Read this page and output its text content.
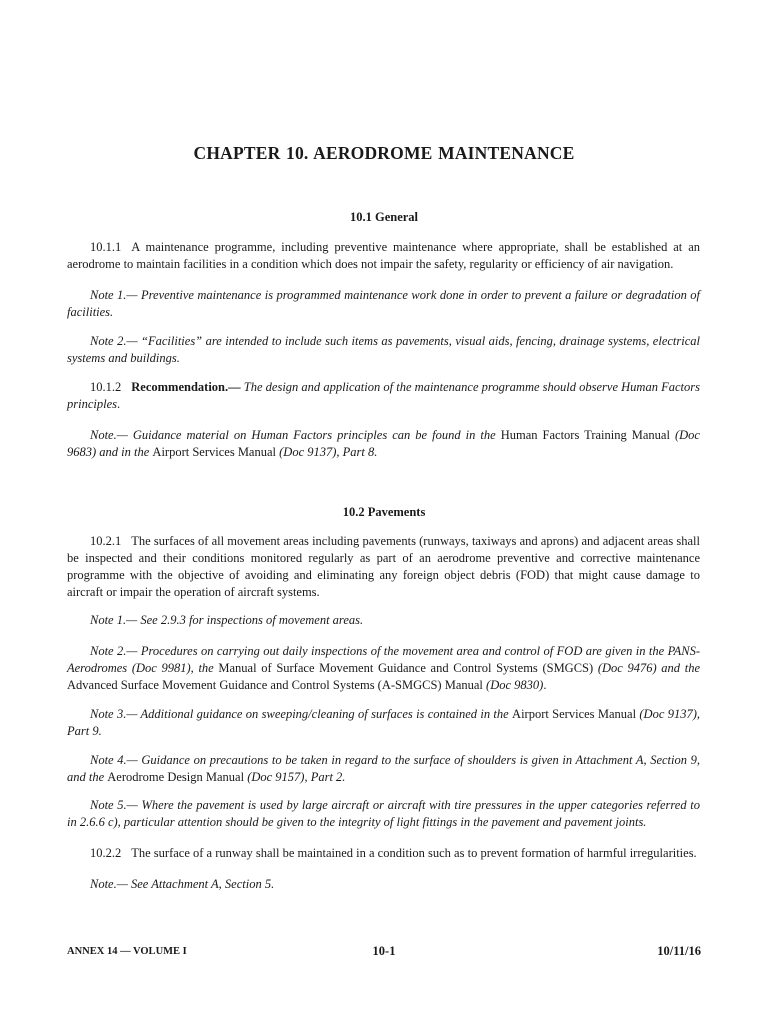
CHAPTER 10. AERODROME MAINTENANCE
10.1 General

10.1.1 A maintenance programme, including preventive maintenance where appropriate, shall be established at an aerodrome to maintain facilities in a condition which does not impair the safety, regularity or efficiency of air navigation.

Note 1.— Preventive maintenance is programmed maintenance work done in order to prevent a failure or degradation of facilities.

Note 2.— “Facilities” are intended to include such items as pavements, visual aids, fencing, drainage systems, electrical systems and buildings.

10.1.2 Recommendation.— The design and application of the maintenance programme should observe Human Factors principles.

Note.— Guidance material on Human Factors principles can be found in the Human Factors Training Manual (Doc 9683) and in the Airport Services Manual (Doc 9137), Part 8.

10.2 Pavements

10.2.1 The surfaces of all movement areas including pavements (runways, taxiways and aprons) and adjacent areas shall be inspected and their conditions monitored regularly as part of an aerodrome preventive and corrective maintenance programme with the objective of avoiding and eliminating any foreign object debris (FOD) that might cause damage to aircraft or impair the operation of aircraft systems.

Note 1.— See 2.9.3 for inspections of movement areas.

Note 2.— Procedures on carrying out daily inspections of the movement area and control of FOD are given in the PANS-Aerodromes (Doc 9981), the Manual of Surface Movement Guidance and Control Systems (SMGCS) (Doc 9476) and the Advanced Surface Movement Guidance and Control Systems (A-SMGCS) Manual (Doc 9830).

Note 3.— Additional guidance on sweeping/cleaning of surfaces is contained in the Airport Services Manual (Doc 9137), Part 9.

Note 4.— Guidance on precautions to be taken in regard to the surface of shoulders is given in Attachment A, Section 9, and the Aerodrome Design Manual (Doc 9157), Part 2.

Note 5.— Where the pavement is used by large aircraft or aircraft with tire pressures in the upper categories referred to in 2.6.6 c), particular attention should be given to the integrity of light fittings in the pavement and pavement joints.

10.2.2 The surface of a runway shall be maintained in a condition such as to prevent formation of harmful irregularities.

Note.— See Attachment A, Section 5.

ANNEX 14 — VOLUME I	10-1	10/11/16
